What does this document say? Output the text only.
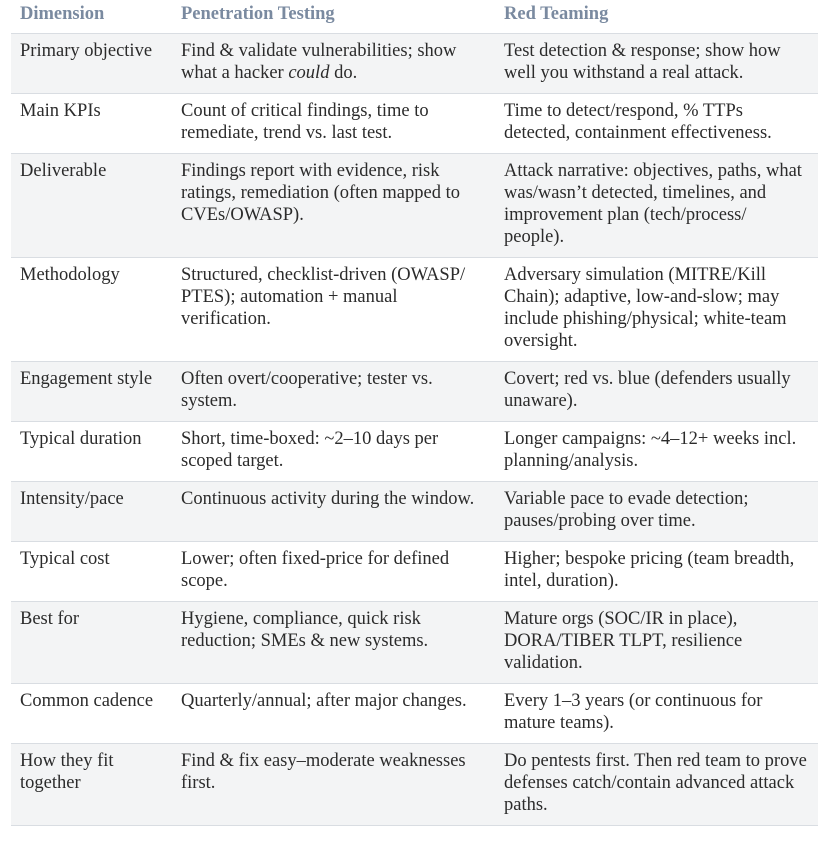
Dimension	Penetration Testing	Red Teaming
Primary objective	Find & validate vulnerabilities; show what a hacker could do.	Test detection & response; show how well you withstand a real attack.
Main KPIs	Count of critical findings, time to remediate, trend vs. last test.	Time to detect/respond, % TTPs detected, containment effectiveness.
Deliverable	Findings report with evidence, risk ratings, remediation (often mapped to CVEs/OWASP).	Attack narrative: objectives, paths, what was/wasn’t detected, timelines, and improvement plan (tech/process/ people).
Methodology	Structured, checklist-driven (OWASP/ PTES); automation + manual verification.	Adversary simulation (MITRE/Kill Chain); adaptive, low-and-slow; may include phishing/physical; white-team oversight.
Engagement style	Often overt/cooperative; tester vs. system.	Covert; red vs. blue (defenders usually unaware).
Typical duration	Short, time-boxed: ~2–10 days per scoped target.	Longer campaigns: ~4–12+ weeks incl. planning/analysis.
Intensity/pace	Continuous activity during the window.	Variable pace to evade detection; pauses/probing over time.
Typical cost	Lower; often fixed-price for defined scope.	Higher; bespoke pricing (team breadth, intel, duration).
Best for	Hygiene, compliance, quick risk reduction; SMEs & new systems.	Mature orgs (SOC/IR in place), DORA/TIBER TLPT, resilience validation.
Common cadence	Quarterly/annual; after major changes.	Every 1–3 years (or continuous for mature teams).
How they fit together	Find & fix easy–moderate weaknesses first.	Do pentests first. Then red team to prove defenses catch/contain advanced attack paths.
